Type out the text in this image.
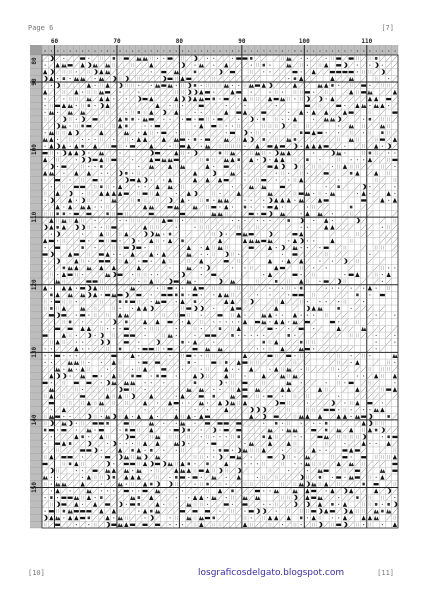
Page 6	[7]
8 9 0 1 2 3 4 5 6 7 8 9 0 1 2 3 4 5 6 7 8 9 0 1 2 3 4 5 6 7 8 9 0 1 2 3 4 5 6 7 8 9 0 1 2 3 4 5 6 7 8 9 0 1 2 3 4
60	70	80	90	100	110
80
90
100
110
120
130
140
150
[10]	losgraficosdelgato.blogspot.com	[11]
